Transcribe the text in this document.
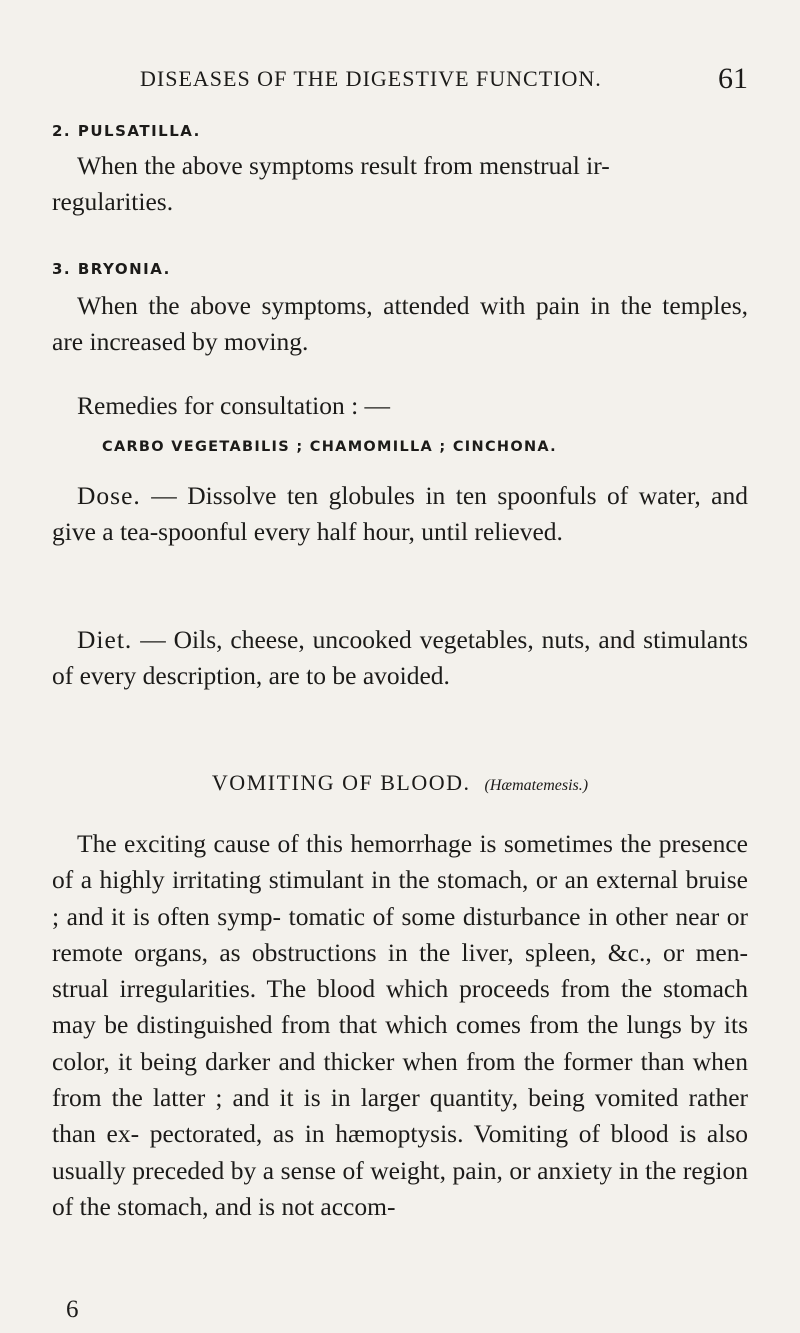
DISEASES OF THE DIGESTIVE FUNCTION.	61
2. PULSATILLA.

When the above symptoms result from menstrual ir- regularities.

3. BRYONIA.

When the above symptoms, attended with pain in the temples, are increased by moving.

Remedies for consultation : —

CARBO VEGETABILIS ; CHAMOMILLA ; CINCHONA.

Dose. — Dissolve ten globules in ten spoonfuls of water, and give a tea-spoonful every half hour, until relieved.

Diet. — Oils, cheese, uncooked vegetables, nuts, and stimulants of every description, are to be avoided.

VOMITING OF BLOOD. (Hæmatemesis.)

The exciting cause of this hemorrhage is sometimes the presence of a highly irritating stimulant in the stomach, or an external bruise ; and it is often symp- tomatic of some disturbance in other near or remote organs, as obstructions in the liver, spleen, &c., or men- strual irregularities. The blood which proceeds from the stomach may be distinguished from that which comes from the lungs by its color, it being darker and thicker when from the former than when from the latter ; and it is in larger quantity, being vomited rather than ex- pectorated, as in hæmoptysis. Vomiting of blood is also usually preceded by a sense of weight, pain, or anxiety in the region of the stomach, and is not accom-

6
